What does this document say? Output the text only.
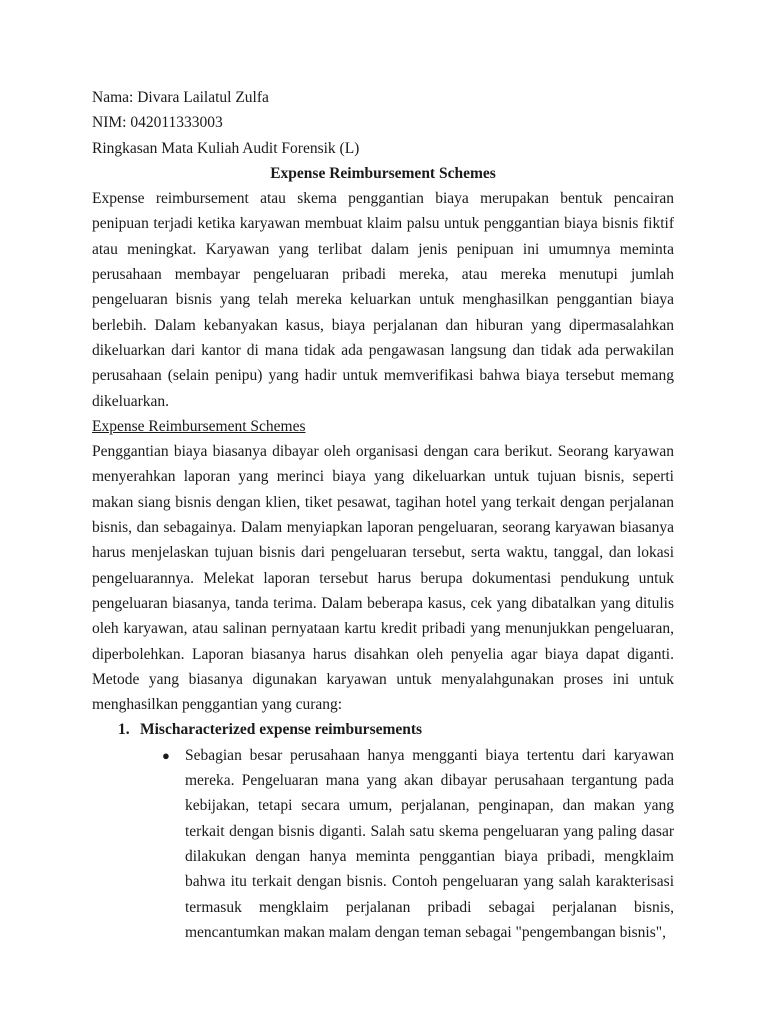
Nama: Divara Lailatul Zulfa

NIM: 042011333003

Ringkasan Mata Kuliah Audit Forensik (L)

Expense Reimbursement Schemes

Expense reimbursement atau skema penggantian biaya merupakan bentuk pencairan penipuan terjadi ketika karyawan membuat klaim palsu untuk penggantian biaya bisnis fiktif atau meningkat. Karyawan yang terlibat dalam jenis penipuan ini umumnya meminta perusahaan membayar pengeluaran pribadi mereka, atau mereka menutupi jumlah pengeluaran bisnis yang telah mereka keluarkan untuk menghasilkan penggantian biaya berlebih. Dalam kebanyakan kasus, biaya perjalanan dan hiburan yang dipermasalahkan dikeluarkan dari kantor di mana tidak ada pengawasan langsung dan tidak ada perwakilan perusahaan (selain penipu) yang hadir untuk memverifikasi bahwa biaya tersebut memang dikeluarkan.

Expense Reimbursement Schemes

Penggantian biaya biasanya dibayar oleh organisasi dengan cara berikut. Seorang karyawan menyerahkan laporan yang merinci biaya yang dikeluarkan untuk tujuan bisnis, seperti makan siang bisnis dengan klien, tiket pesawat, tagihan hotel yang terkait dengan perjalanan bisnis, dan sebagainya. Dalam menyiapkan laporan pengeluaran, seorang karyawan biasanya harus menjelaskan tujuan bisnis dari pengeluaran tersebut, serta waktu, tanggal, dan lokasi pengeluarannya. Melekat laporan tersebut harus berupa dokumentasi pendukung untuk pengeluaran biasanya, tanda terima. Dalam beberapa kasus, cek yang dibatalkan yang ditulis oleh karyawan, atau salinan pernyataan kartu kredit pribadi yang menunjukkan pengeluaran, diperbolehkan. Laporan biasanya harus disahkan oleh penyelia agar biaya dapat diganti. Metode yang biasanya digunakan karyawan untuk menyalahgunakan proses ini untuk menghasilkan penggantian yang curang:

1. Mischaracterized expense reimbursements
● Sebagian besar perusahaan hanya mengganti biaya tertentu dari karyawan mereka. Pengeluaran mana yang akan dibayar perusahaan tergantung pada kebijakan, tetapi secara umum, perjalanan, penginapan, dan makan yang terkait dengan bisnis diganti. Salah satu skema pengeluaran yang paling dasar dilakukan dengan hanya meminta penggantian biaya pribadi, mengklaim bahwa itu terkait dengan bisnis. Contoh pengeluaran yang salah karakterisasi termasuk mengklaim perjalanan pribadi sebagai perjalanan bisnis, mencantumkan makan malam dengan teman sebagai "pengembangan bisnis",
